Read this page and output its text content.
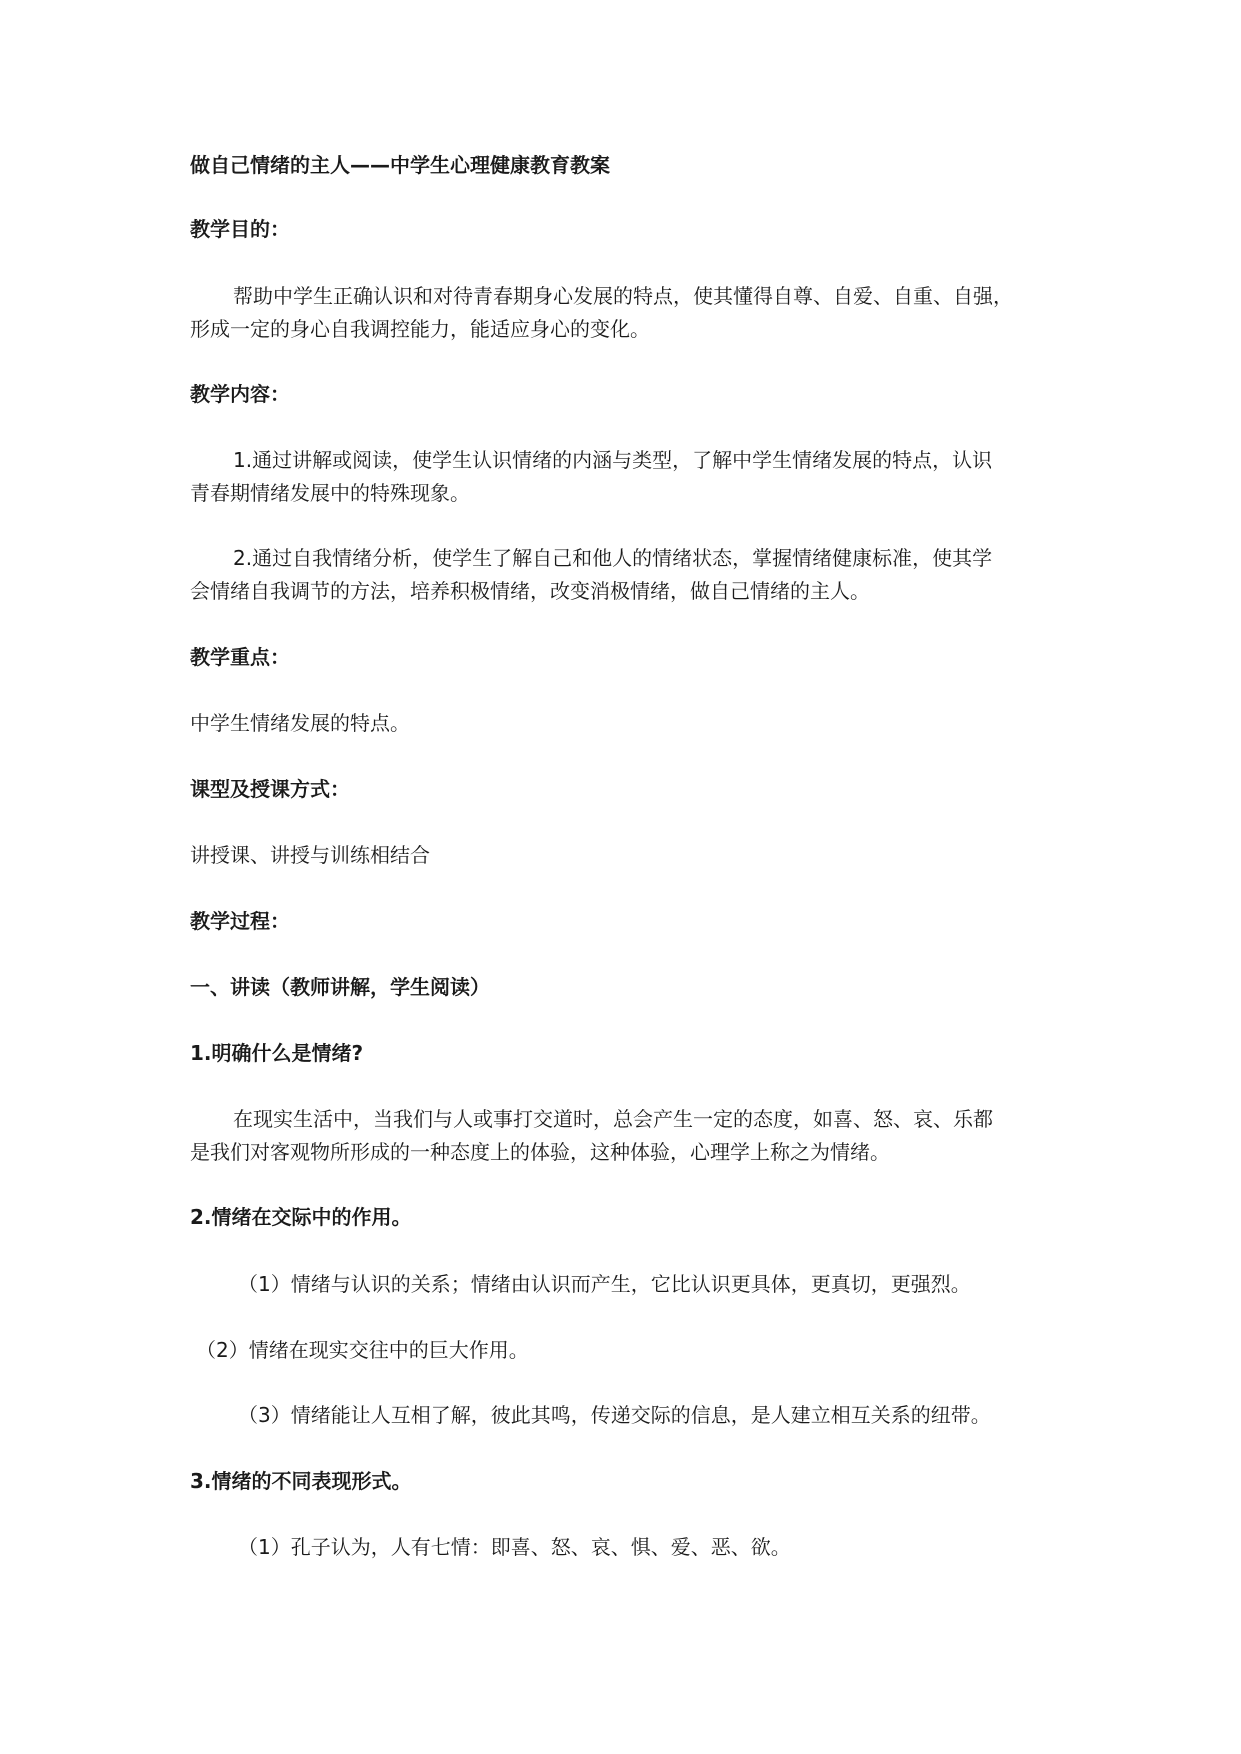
做自己情绪的主人——中学生心理健康教育教案

教学目的：

帮助中学生正确认识和对待青春期身心发展的特点，使其懂得自尊、自爱、自重、自强，

形成一定的身心自我调控能力，能适应身心的变化。

教学内容：

1.通过讲解或阅读，使学生认识情绪的内涵与类型，了解中学生情绪发展的特点，认识

青春期情绪发展中的特殊现象。

2.通过自我情绪分析，使学生了解自己和他人的情绪状态，掌握情绪健康标准，使其学

会情绪自我调节的方法，培养积极情绪，改变消极情绪，做自己情绪的主人。

教学重点：

中学生情绪发展的特点。

课型及授课方式：

讲授课、讲授与训练相结合

教学过程：

一、讲读（教师讲解，学生阅读）

1.明确什么是情绪?

在现实生活中，当我们与人或事打交道时，总会产生一定的态度，如喜、怒、哀、乐都

是我们对客观物所形成的一种态度上的体验，这种体验，心理学上称之为情绪。

2.情绪在交际中的作用。

（1）情绪与认识的关系；情绪由认识而产生，它比认识更具体，更真切，更强烈。

（2）情绪在现实交往中的巨大作用。

（3）情绪能让人互相了解，彼此其鸣，传递交际的信息，是人建立相互关系的纽带。

3.情绪的不同表现形式。

（1）孔子认为，人有七情：即喜、怒、哀、惧、爱、恶、欲。
